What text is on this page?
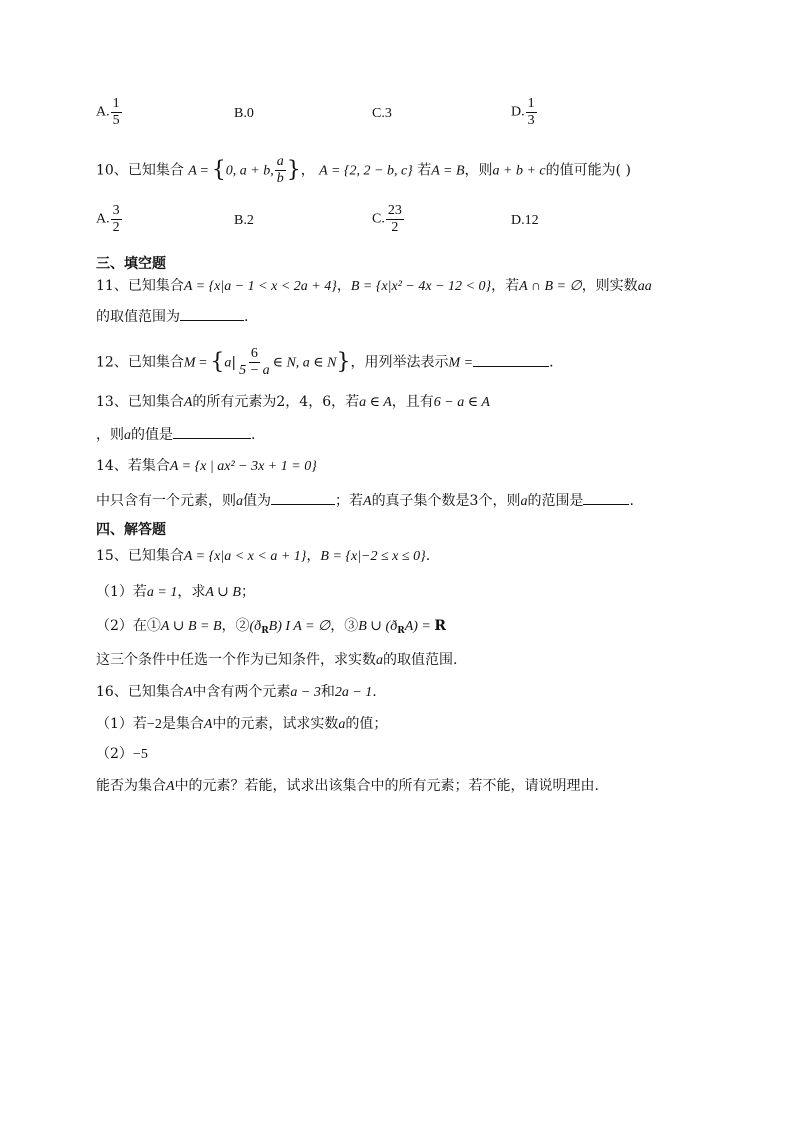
A. $\frac{1}{5}$	B.0	C.3	D. $\frac{1}{3}$
10、已知集合 A = {0, a + b, $\frac{a}{b}$ }， A = {2, 2 − b, c} 若A = B，则a + b + c的值可能为( )
A. $\frac{3}{2}$	B.2	C. $\frac{23}{2}$	D.12
三、填空题
11、已知集合A = {x|a − 1 < x < 2a + 4}，B = {x|x² − 4x − 12 < 0}，若A ∩ B = ∅，则实数aa
的取值范围为	.
12、已知集合$M = \{a| \frac{6}{5 - a}$ ∈ N, a ∈ N}，用列举法表示M =	.
13、已知集合A的所有元素为2，4，6，若a ∈ A，且有6 − a ∈ A
，则a的值是	.
14、若集合A = {x | ax² − 3x + 1 = 0}
中只含有一个元素，则a值为	；若A的真子集个数是3个，则a的范围是	.
四、解答题
15、已知集合A = {x|a < x < a + 1}，B = {x|−2 ≤ x ≤ 0}.
（1）若a = 1，求A ∪ B；
（2）在①A ∪ B = B，$②(ð_RB)$ I A = ∅，③B ∪ $(ð_RA) = R$
这三个条件中任选一个作为已知条件，求实数a的取值范围.
16、已知集合A中含有两个元素a − 3和2a − 1.
（1）若−2是集合A中的元素，试求实数a的值；
（2）−5
能否为集合A中的元素？若能，试求出该集合中的所有元素；若不能，请说明理由.
